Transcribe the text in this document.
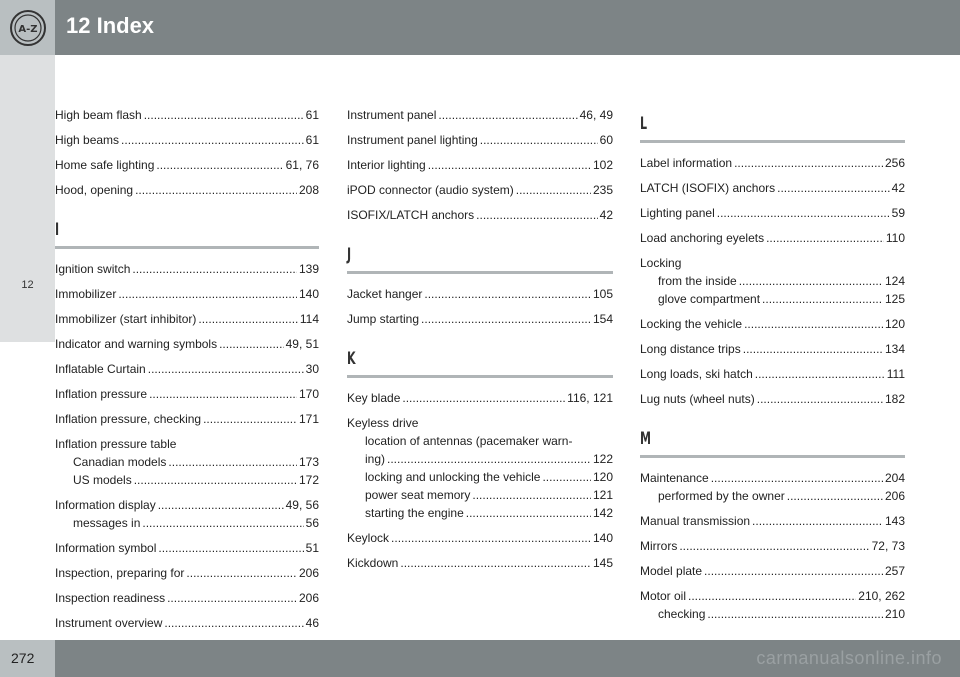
A-Z 12 Index
12
High beam flash .....	61
High beams .....	61
Home safe lighting .....	61, 76
Hood, opening .....	208
I
Ignition switch .....	139
Immobilizer .....	140
Immobilizer (start inhibitor) .....	114
Indicator and warning symbols .....	49, 51
Inflatable Curtain .....	30
Inflation pressure .....	170
Inflation pressure, checking .....	171
Inflation pressure table
Canadian models .....	173
US models .....	172
Information display .....	49, 56
messages in .....	56
Information symbol .....	51
Inspection, preparing for .....	206
Inspection readiness .....	206
Instrument overview .....	46
Instrument panel .....	46, 49
Instrument panel lighting .....	60
Interior lighting .....	102
iPOD connector (audio system) .....	235
ISOFIX/LATCH anchors .....	42
J
Jacket hanger .....	105
Jump starting .....	154
K
Key blade .....	116, 121
Keyless drive
location of antennas (pacemaker warn-
ing) .....	122
locking and unlocking the vehicle .....	120
power seat memory .....	121
starting the engine .....	142
Keylock .....	140
Kickdown .....	145
L
Label information .....	256
LATCH (ISOFIX) anchors .....	42
Lighting panel .....	59
Load anchoring eyelets .....	110
Locking
from the inside .....	124
glove compartment .....	125
Locking the vehicle .....	120
Long distance trips .....	134
Long loads, ski hatch .....	111
Lug nuts (wheel nuts) .....	182
M
Maintenance .....	204
performed by the owner .....	206
Manual transmission .....	143
Mirrors .....	72, 73
Model plate .....	257
Motor oil .....	210, 262
checking .....	210
272	carmanualsonline.info
